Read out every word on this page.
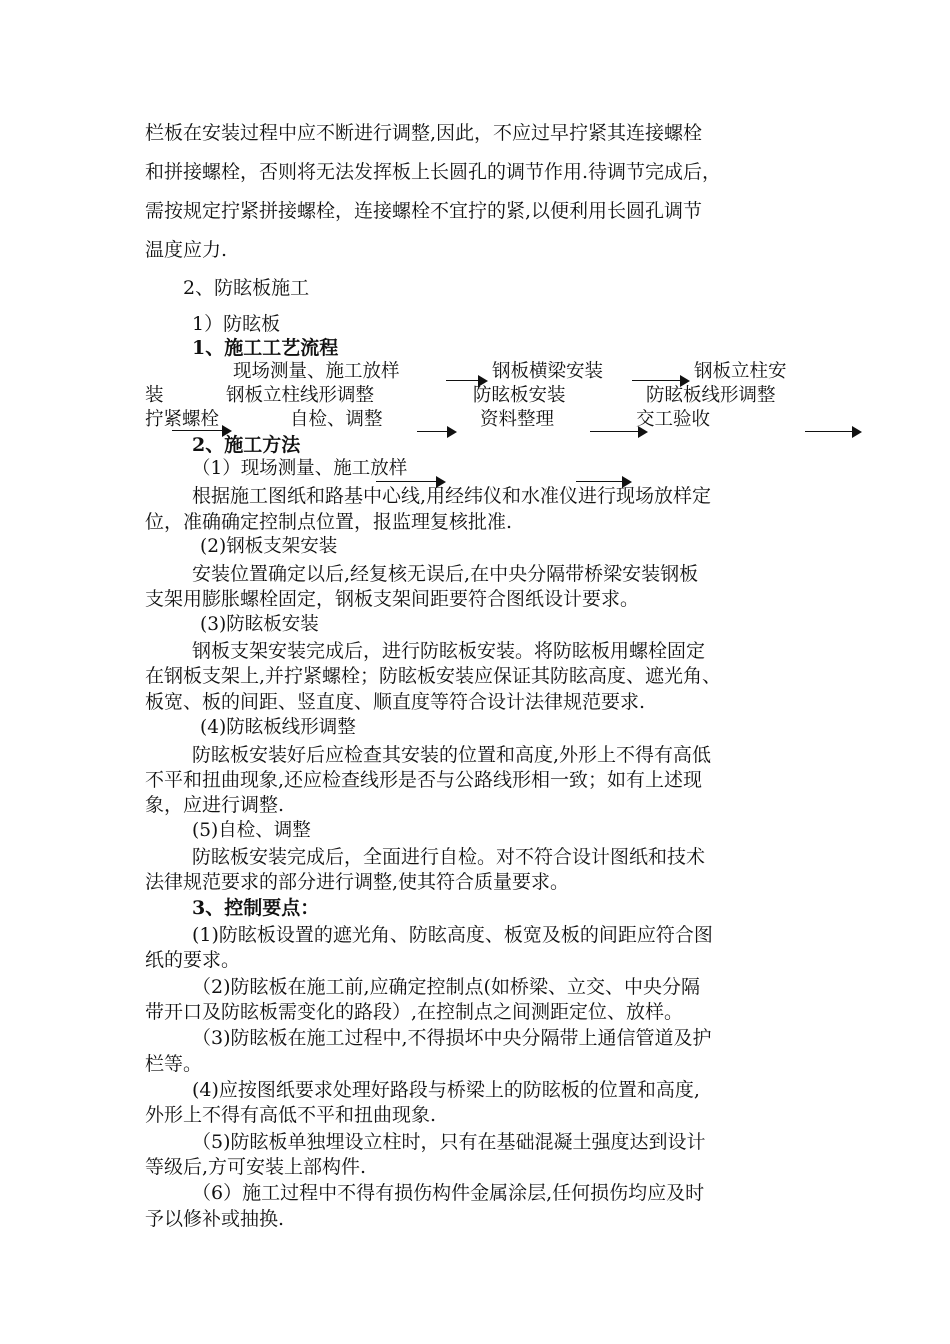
栏板在安装过程中应不断进行调整,因此，不应过早拧紧其连接螺栓
和拼接螺栓，否则将无法发挥板上长圆孔的调节作用.待调节完成后，
需按规定拧紧拼接螺栓，连接螺栓不宜拧的紧,以便利用长圆孔调节
温度应力.
2、防眩板施工
1）防眩板
1、施工工艺流程
现场测量、施工放样	钢板横梁安装	钢板立柱安
装	钢板立柱线形调整	防眩板安装	防眩板线形调整
拧紧螺栓	自检、调整	资料整理	交工验收
2、施工方法
（1）现场测量、施工放样
根据施工图纸和路基中心线,用经纬仪和水准仪进行现场放样定
位，准确确定控制点位置，报监理复核批准.
(2)钢板支架安装
安装位置确定以后,经复核无误后,在中央分隔带桥梁安装钢板
支架用膨胀螺栓固定，钢板支架间距要符合图纸设计要求。
(3)防眩板安装
钢板支架安装完成后，进行防眩板安装。将防眩板用螺栓固定
在钢板支架上,并拧紧螺栓；防眩板安装应保证其防眩高度、遮光角、
板宽、板的间距、竖直度、顺直度等符合设计法律规范要求.
(4)防眩板线形调整
防眩板安装好后应检查其安装的位置和高度,外形上不得有高低
不平和扭曲现象,还应检查线形是否与公路线形相一致；如有上述现
象，应进行调整.
(5)自检、调整
防眩板安装完成后，全面进行自检。对不符合设计图纸和技术
法律规范要求的部分进行调整,使其符合质量要求。
3、控制要点：
(1)防眩板设置的遮光角、防眩高度、板宽及板的间距应符合图
纸的要求。
（2)防眩板在施工前,应确定控制点(如桥梁、立交、中央分隔
带开口及防眩板需变化的路段）,在控制点之间测距定位、放样。
（3)防眩板在施工过程中,不得损坏中央分隔带上通信管道及护
栏等。
(4)应按图纸要求处理好路段与桥梁上的防眩板的位置和高度,
外形上不得有高低不平和扭曲现象.
（5)防眩板单独埋设立柱时，只有在基础混凝土强度达到设计
等级后,方可安装上部构件.
（6）施工过程中不得有损伤构件金属涂层,任何损伤均应及时
予以修补或抽换.
